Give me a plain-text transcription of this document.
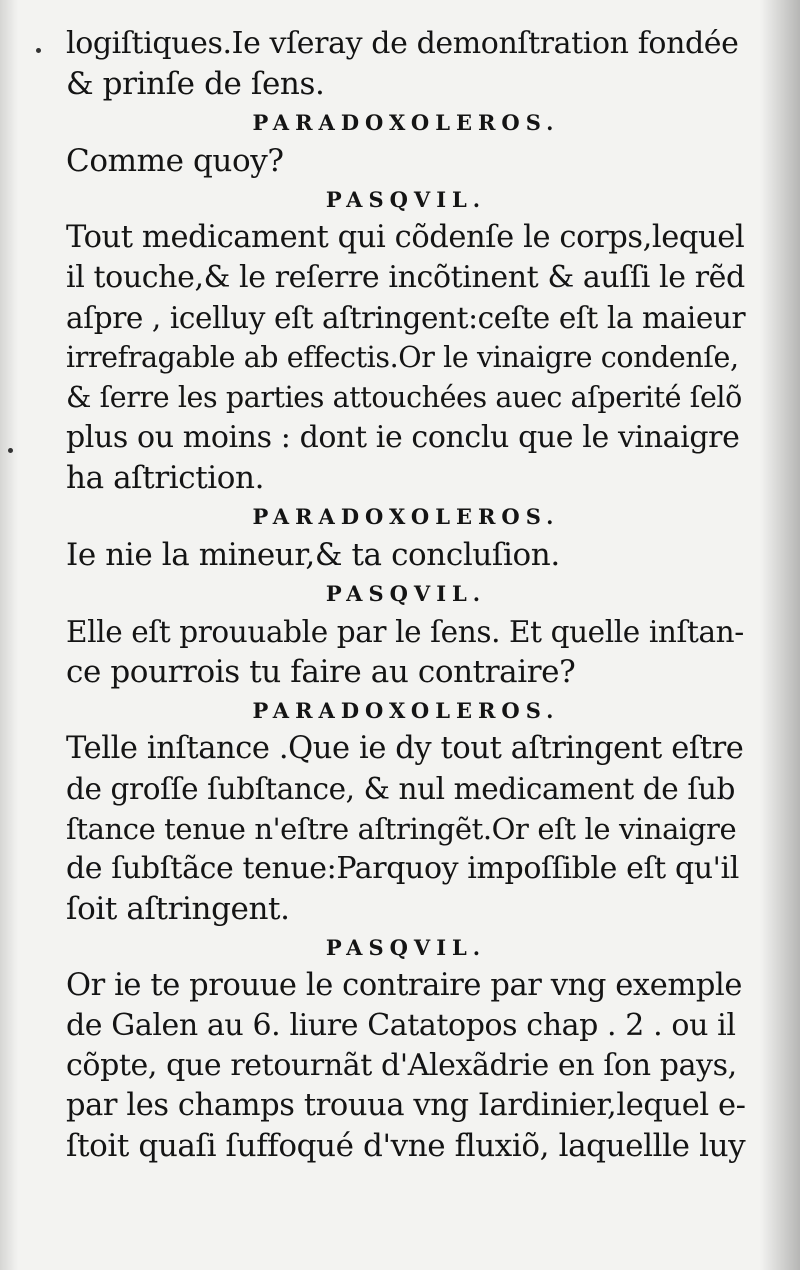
logiſtiques.Ie vſeray de demonſtration fondée
& prinſe de ſens.
PARADOXOLEROS.
Comme quoy?
PASQVIL.
Tout medicament qui cõdenſe le corps,lequel
il touche,& le reſerre incõtinent & auſſi le rẽd
aſpre , icelluy eſt aſtringent:ceſte eſt la maieur
irrefragable ab effectis.Or le vinaigre condenſe,
& ſerre les parties attouchées auec aſperité ſelõ
plus ou moins : dont ie conclu que le vinaigre
ha aſtriction.
PARADOXOLEROS.
Ie nie la mineur,& ta concluſion.
PASQVIL.
Elle eſt prouuable par le ſens. Et quelle inſtan-
ce pourrois tu faire au contraire?
PARADOXOLEROS.
Telle inſtance .Que ie dy tout aſtringent eſtre
de groſſe ſubſtance, & nul medicament de ſub
ſtance tenue n'eſtre aſtringẽt.Or eſt le vinaigre
de ſubſtãce tenue:Parquoy impoſſible eſt qu'il
ſoit aſtringent.
PASQVIL.
Or ie te prouue le contraire par vng exemple
de Galen au 6. liure Catatopos chap . 2 . ou il
cõpte, que retournãt d'Alexãdrie en ſon pays,
par les champs trouua vng Iardinier,lequel e-
ſtoit quaſi ſuffoqué d'vne fluxiõ, laquellle luy
